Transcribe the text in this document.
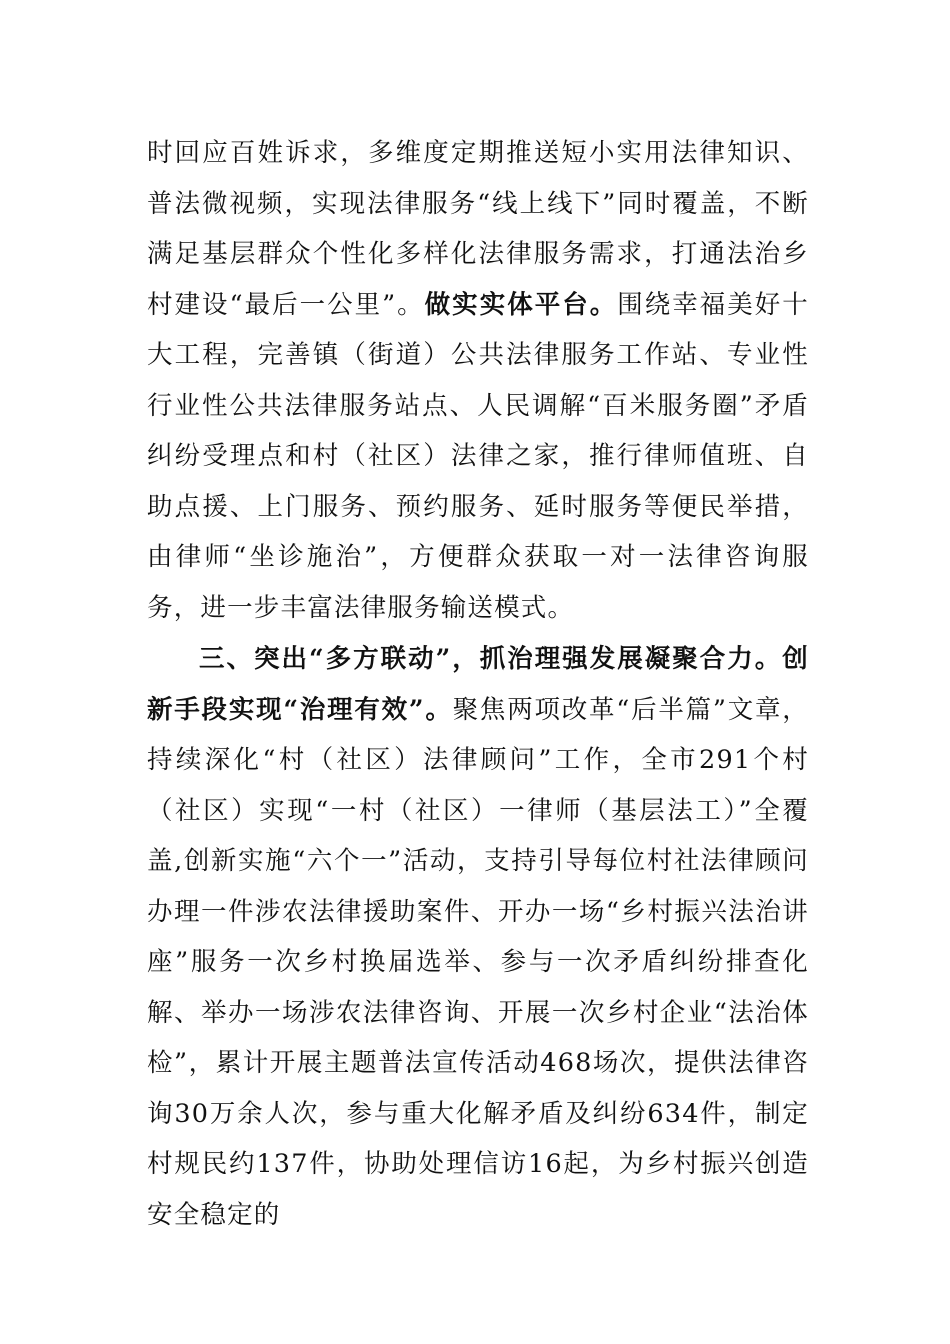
时回应百姓诉求，多维度定期推送短小实用法律知识、普法微视频，实现法律服务“线上线下”同时覆盖，不断满足基层群众个性化多样化法律服务需求，打通法治乡村建设“最后一公里”。做实实体平台。围绕幸福美好十大工程，完善镇（街道）公共法律服务工作站、专业性行业性公共法律服务站点、人民调解“百米服务圈”矛盾纠纷受理点和村（社区）法律之家，推行律师值班、自助点援、上门服务、预约服务、延时服务等便民举措，由律师“坐诊施治”，方便群众获取一对一法律咨询服务，进一步丰富法律服务输送模式。

三、突出“多方联动”，抓治理强发展凝聚合力。创新手段实现“治理有效”。聚焦两项改革“后半篇”文章，持续深化“村（社区）法律顾问”工作，全市291个村（社区）实现“一村（社区）一律师（基层法工）”全覆盖,创新实施“六个一”活动，支持引导每位村社法律顾问办理一件涉农法律援助案件、开办一场“乡村振兴法治讲座”服务一次乡村换届选举、参与一次矛盾纠纷排查化解、举办一场涉农法律咨询、开展一次乡村企业“法治体检”，累计开展主题普法宣传活动468场次，提供法律咨询30万余人次，参与重大化解矛盾及纠纷634件，制定村规民约137件，协助处理信访16起，为乡村振兴创造安全稳定的
